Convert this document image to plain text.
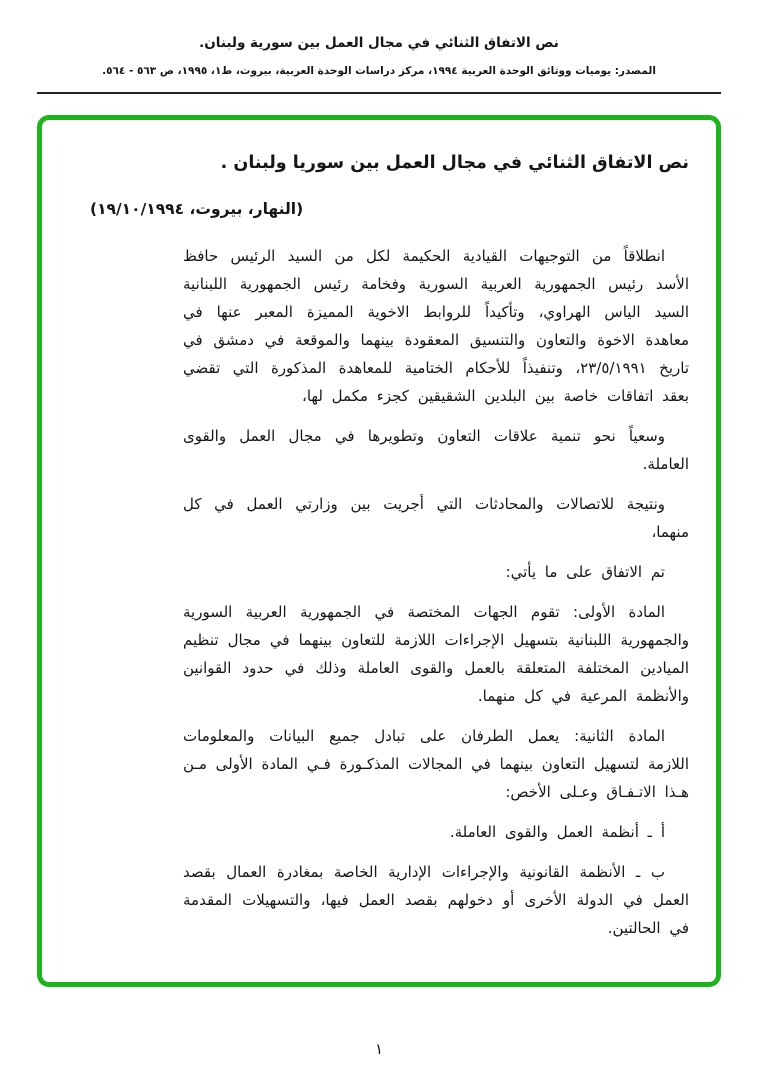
نص الاتفاق الثنائي في مجال العمل بين سورية ولبنان.
المصدر: يوميات ووثائق الوحدة العربية ١٩٩٤، مركز دراسات الوحدة العربية، بيروت، ط١، ١٩٩٥، ص ٥٦٣ - ٥٦٤.
نص الاتفاق الثنائي في مجال العمل بين سوريا ولبنان .
(النهار، بيروت، ١٩/١٠/١٩٩٤)

انطلاقاً من التوجيهات القيادية الحكيمة لكل من السيد الرئيس حافظ الأسد رئيس الجمهورية العربية السورية وفخامة رئيس الجمهورية اللبنانية السيد الياس الهراوي، وتأكيداً للروابط الاخوية المميزة المعبر عنها في معاهدة الاخوة والتعاون والتنسيق المعقودة بينهما والموقعة في دمشق في تاريخ ٢٣/٥/١٩٩١، وتنفيذاً للأحكام الختامية للمعاهدة المذكورة التي تقضي بعقد اتفاقات خاصة بين البلدين الشقيقين كجزء مكمل لها،

وسعياً نحو تنمية علاقات التعاون وتطويرها في مجال العمل والقوى العاملة.

ونتيجة للاتصالات والمحادثات التي أجريت بين وزارتي العمل في كل منهما،

تم الاتفاق على ما يأتي:

المادة الأولى: تقوم الجهات المختصة في الجمهورية العربية السورية والجمهورية اللبنانية بتسهيل الإجراءات اللازمة للتعاون بينهما في مجال تنظيم الميادين المختلفة المتعلقة بالعمل والقوى العاملة وذلك في حدود القوانين والأنظمة المرعية في كل منهما.

المادة الثانية: يعمل الطرفان على تبادل جميع البيانات والمعلومات اللازمة لتسهيل التعاون بينهما في المجالات المذكـورة فـي المادة الأولى مـن هـذا الاتـفـاق وعـلى الأخص:

أ ـ أنظمة العمل والقوى العاملة.

ب ـ الأنظمة القانونية والإجراءات الإدارية الخاصة بمغادرة العمال بقصد العمل في الدولة الأخرى أو دخولهم بقصد العمل فيها، والتسهيلات المقدمة في الحالتين.

١
